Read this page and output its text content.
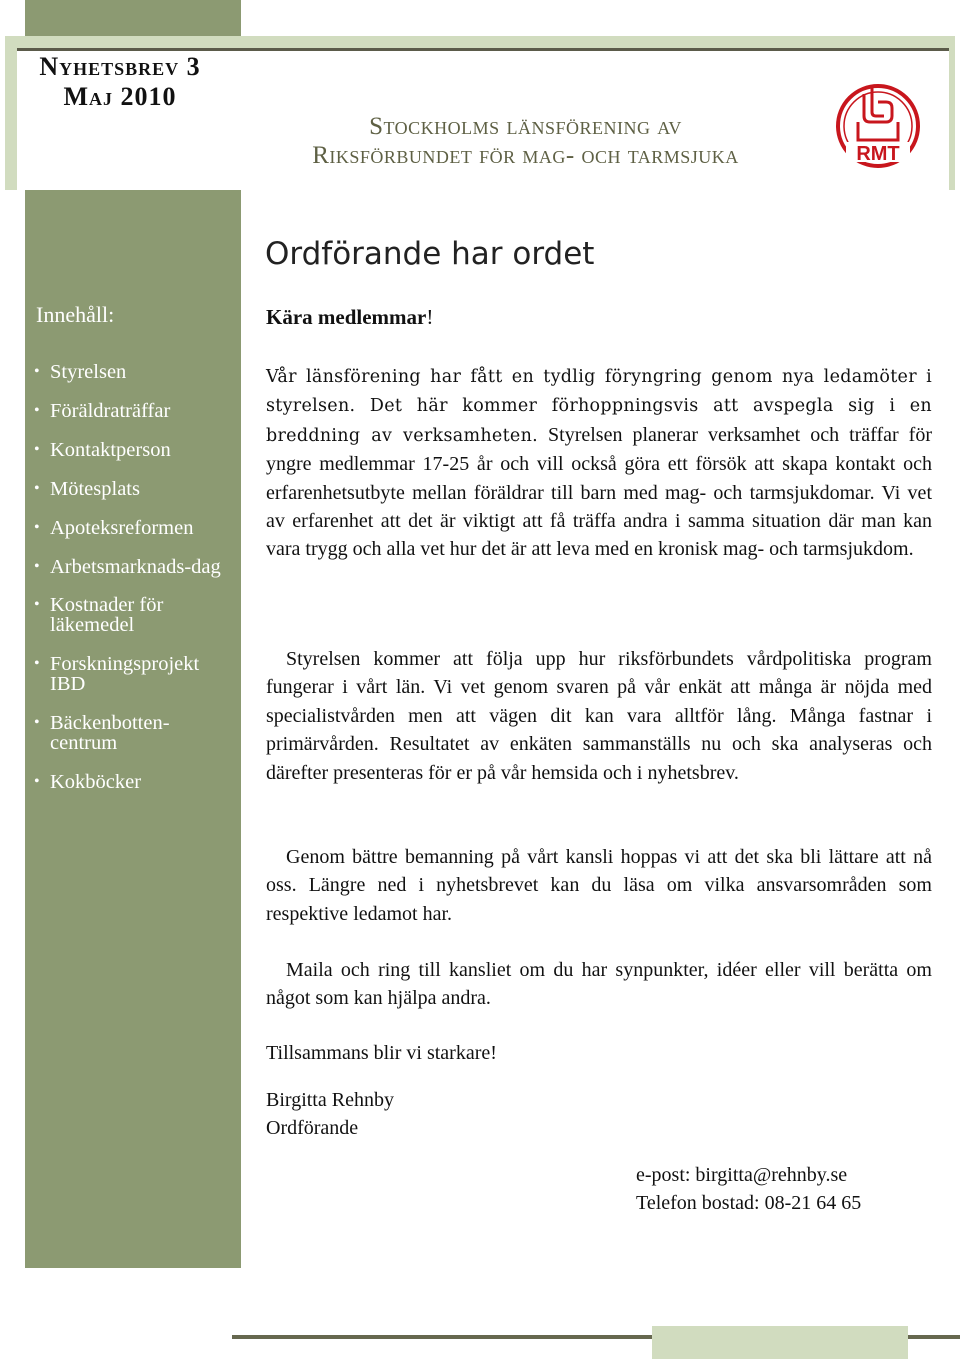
Nyhetsbrev 3
Maj 2010
Stockholms länsförening av
Riksförbundet för mag- och tarmsjuka	RMT
Innehåll:
• Styrelsen
• Föräldraträffar
• Kontaktperson
• Mötesplats
• Apoteksreformen
• Arbetsmarknads-dag
• Kostnader för läkemedel
• Forskningsprojekt IBD
• Bäckenbotten-centrum
• Kokböcker
Ordförande har ordet
Kära medlemmar!
Vår länsförening har fått en tydlig föryngring genom nya ledamöter i styrelsen. Det här kommer förhoppningsvis att avspegla sig i en breddning av verksamheten. Styrelsen planerar verksamhet och träffar för yngre medlemmar 17-25 år och vill också göra ett försök att skapa kontakt och erfarenhetsutbyte mellan föräldrar till barn med mag- och tarmsjukdomar. Vi vet av erfarenhet att det är viktigt att få träffa andra i samma situation där man kan vara trygg och alla vet hur det är att leva med en kronisk mag- och tarmsjukdom.
Styrelsen kommer att följa upp hur riksförbundets vårdpolitiska program fungerar i vårt län. Vi vet genom svaren på vår enkät att många är nöjda med specialistvården men att vägen dit kan vara alltför lång. Många fastnar i primärvården. Resultatet av enkäten sammanställs nu och ska analyseras och därefter presenteras för er på vår hemsida och i nyhetsbrev.
Genom bättre bemanning på vårt kansli hoppas vi att det ska bli lättare att nå oss. Längre ned i nyhetsbrevet kan du läsa om vilka ansvarsområden som respektive ledamot har.
Maila och ring till kansliet om du har synpunkter, idéer eller vill berätta om något som kan hjälpa andra.
Tillsammans blir vi starkare!
Birgitta Rehnby
Ordförande
e-post: birgitta@rehnby.se
Telefon bostad: 08-21 64 65
